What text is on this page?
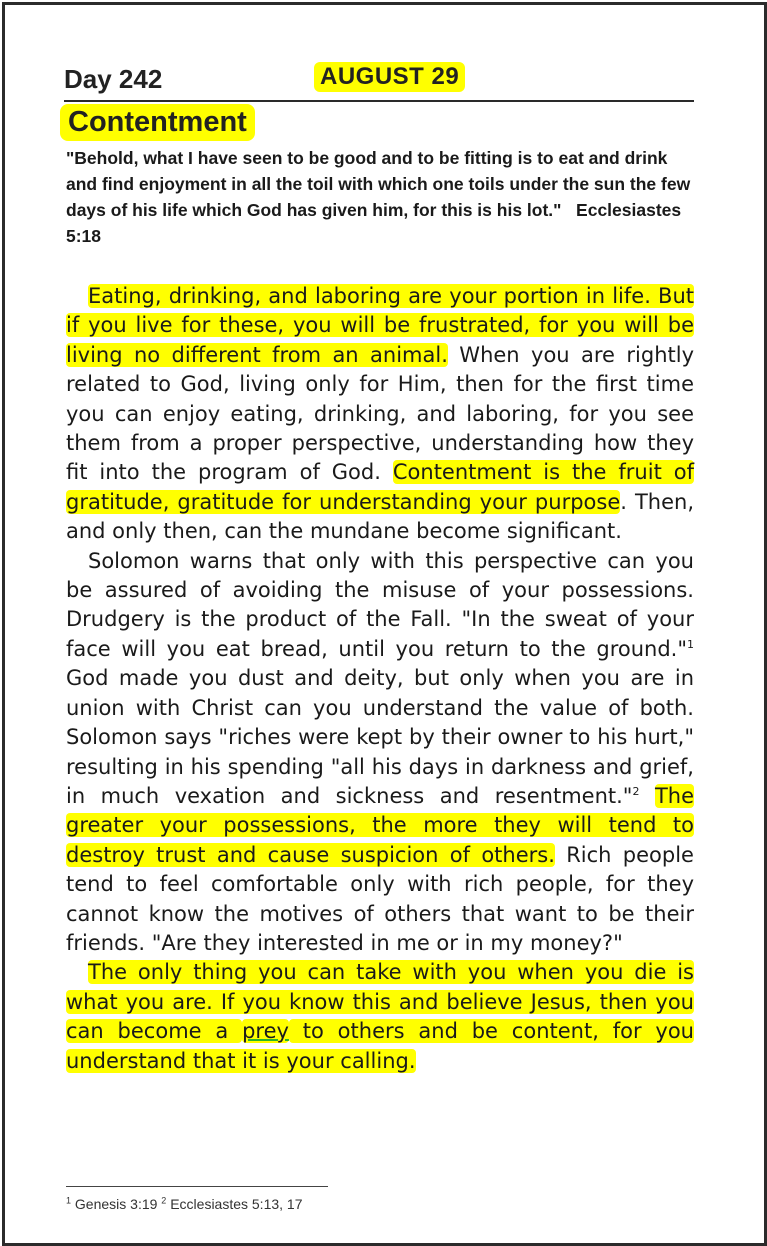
Day 242	AUGUST 29
Contentment
"Behold, what I have seen to be good and to be fitting is to eat and drink and find enjoyment in all the toil with which one toils under the sun the few days of his life which God has given him, for this is his lot." Ecclesiastes 5:18

Eating, drinking, and laboring are your portion in life. But if you live for these, you will be frustrated, for you will be living no different from an animal. When you are rightly related to God, living only for Him, then for the first time you can enjoy eating, drinking, and laboring, for you see them from a proper perspective, understanding how they fit into the program of God. Contentment is the fruit of gratitude, gratitude for understanding your purpose. Then, and only then, can the mundane become significant.

Solomon warns that only with this perspective can you be assured of avoiding the misuse of your possessions. Drudgery is the product of the Fall. "In the sweat of your face will you eat bread, until you return to the ground."$^1$ God made you dust and deity, but only when you are in union with Christ can you understand the value of both. Solomon says "riches were kept by their owner to his hurt," resulting in his spending "all his days in darkness and grief, in much vexation and sickness and resentment."$^2$ The greater your possessions, the more they will tend to destroy trust and cause suspicion of others. Rich people tend to feel comfortable only with rich people, for they cannot know the motives of others that want to be their friends. "Are they interested in me or in my money?"

The only thing you can take with you when you die is what you are. If you know this and believe Jesus, then you can become a prey to others and be content, for you understand that it is your calling.

$^1$ Genesis 3:19 $^2$ Ecclesiastes 5:13, 17
